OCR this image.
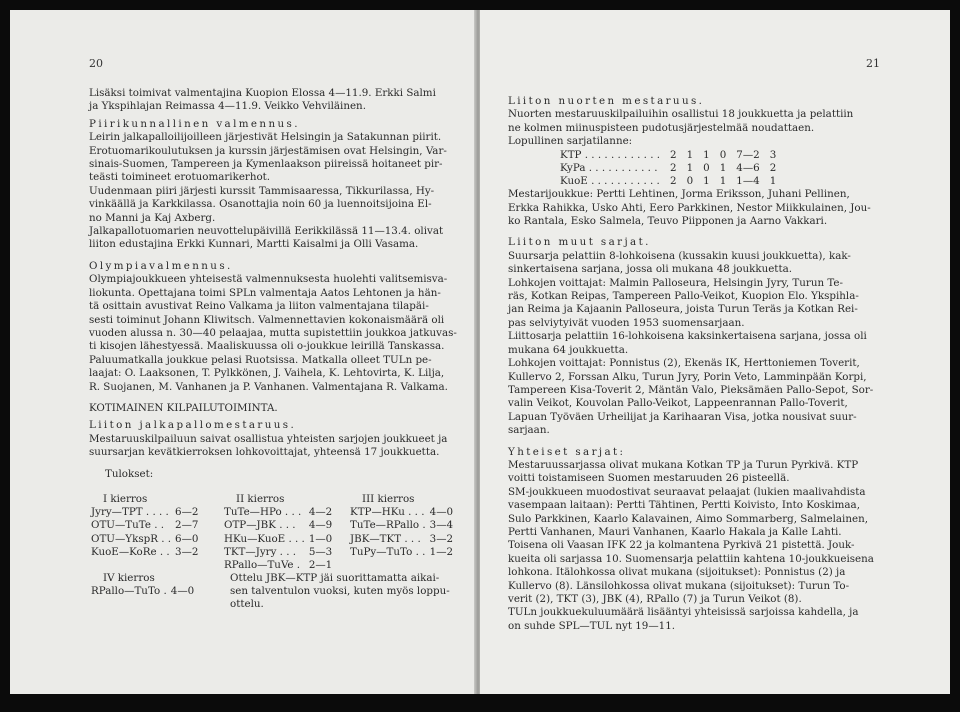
20

Lisäksi toimivat valmentajina Kuopion Elossa 4—11.9. Erkki Salmi

ja Ykspihlajan Reimassa 4—11.9. Veikko Vehviläinen.

Piirikunnallinen valmennus.

Leirin jalkapalloilijoilleen järjestivät Helsingin ja Satakunnan piirit.

Erotuomarikoulutuksen ja kurssin järjestämisen ovat Helsingin, Var-

sinais-Suomen, Tampereen ja Kymenlaakson piireissä hoitaneet pir-

teästi toimineet erotuomarikerhot.

Uudenmaan piiri järjesti kurssit Tammisaaressa, Tikkurilassa, Hy-

vinkäällä ja Karkkilassa. Osanottajia noin 60 ja luennoitsijoina El-

no Manni ja Kaj Axberg.

Jalkapallotuomarien neuvottelupäivillä Eerikkilässä 11—13.4. olivat

liiton edustajina Erkki Kunnari, Martti Kaisalmi ja Olli Vasama.

Olympiavalmennus.

Olympiajoukkueen yhteisestä valmennuksesta huolehti valitsemisva-

liokunta. Opettajana toimi SPLn valmentaja Aatos Lehtonen ja hän-

tä osittain avustivat Reino Valkama ja liiton valmentajana tilapäi-

sesti toiminut Johann Kliwitsch. Valmennettavien kokonaismäärä oli

vuoden alussa n. 30—40 pelaajaa, mutta supistettiin joukkoa jatkuvas-

ti kisojen lähestyessä. Maaliskuussa oli o-joukkue leirillä Tanskassa.

Paluumatkalla joukkue pelasi Ruotsissa. Matkalla olleet TULn pe-

laajat: O. Laaksonen, T. Pylkkönen, J. Vaihela, K. Lehtovirta, K. Lilja,

R. Suojanen, M. Vanhanen ja P. Vanhanen. Valmentajana R. Valkama.

KOTIMAINEN KILPAILUTOIMINTA.

Liiton jalkapallomestaruus.

Mestaruuskilpailuun saivat osallistua yhteisten sarjojen joukkueet ja

suursarjan kevätkierroksen lohkovoittajat, yhteensä 17 joukkuetta.

Tulokset:

I kierros
Jyry—TPT . . . .	6—2
OTU—TuTe . .	2—7
OTU—YkspR . .	6—0
KuoE—KoRe . .	3—2
II kierros
TuTe—HPo . . .	4—2
OTP—JBK . . .	4—9
HKu—KuoE . . .	1—0
TKT—Jyry . . .	5—3
RPallo—TuVe .	2—1
III kierros
KTP—HKu . . .	4—0
TuTe—RPallo .	3—4
JBK—TKT . . .	3—2
TuPy—TuTo . .	1—2
IV kierros
RPallo—TuTo .	4—0
Ottelu JBK—KTP jäi suorittamatta aikai-
sen talventulon vuoksi, kuten myös loppu-
ottelu.
21

Liiton nuorten mestaruus.

Nuorten mestaruuskilpailuihin osallistui 18 joukkuetta ja pelattiin

ne kolmen miinuspisteen pudotusjärjestelmää noudattaen.

Lopullinen sarjatilanne:

KTP . . . . . . . . . . . .	2	1	1	0	7—2	3
KyPa . . . . . . . . . . .	2	1	0	1	4—6	2
KuoE . . . . . . . . . . .	2	0	1	1	1—4	1

Mestarijoukkue: Pertti Lehtinen, Jorma Eriksson, Juhani Pellinen,

Erkka Rahikka, Usko Ahti, Eero Parkkinen, Nestor Miikkulainen, Jou-

ko Rantala, Esko Salmela, Teuvo Piipponen ja Aarno Vakkari.

Liiton muut sarjat.

Suursarja pelattiin 8-lohkoisena (kussakin kuusi joukkuetta), kak-

sinkertaisena sarjana, jossa oli mukana 48 joukkuetta.

Lohkojen voittajat: Malmin Palloseura, Helsingin Jyry, Turun Te-

räs, Kotkan Reipas, Tampereen Pallo-Veikot, Kuopion Elo. Ykspihla-

jan Reima ja Kajaanin Palloseura, joista Turun Teräs ja Kotkan Rei-

pas selviytyivät vuoden 1953 suomensarjaan.

Liittosarja pelattiin 16-lohkoisena kaksinkertaisena sarjana, jossa oli

mukana 64 joukkuetta.

Lohkojen voittajat: Ponnistus (2), Ekenäs IK, Herttoniemen Toverit,

Kullervo 2, Forssan Alku, Turun Jyry, Porin Veto, Lamminpään Korpi,

Tampereen Kisa-Toverit 2, Mäntän Valo, Pieksämäen Pallo-Sepot, Sor-

valin Veikot, Kouvolan Pallo-Veikot, Lappeenrannan Pallo-Toverit,

Lapuan Työväen Urheilijat ja Karihaaran Visa, jotka nousivat suur-

sarjaan.

Yhteiset sarjat:

Mestaruussarjassa olivat mukana Kotkan TP ja Turun Pyrkivä. KTP

voitti toistamiseen Suomen mestaruuden 26 pisteellä.

SM-joukkueen muodostivat seuraavat pelaajat (lukien maalivahdista

vasempaan laitaan): Pertti Tähtinen, Pertti Koivisto, Into Koskimaa,

Sulo Parkkinen, Kaarlo Kalavainen, Aimo Sommarberg, Salmelainen,

Pertti Vanhanen, Mauri Vanhanen, Kaarlo Hakala ja Kalle Lahti.

Toisena oli Vaasan IFK 22 ja kolmantena Pyrkivä 21 pistettä. Jouk-

kueita oli sarjassa 10. Suomensarja pelattiin kahtena 10-joukkueisena

lohkona. Itälohkossa olivat mukana (sijoitukset): Ponnistus (2) ja

Kullervo (8). Länsilohkossa olivat mukana (sijoitukset): Turun To-

verit (2), TKT (3), JBK (4), RPallo (7) ja Turun Veikot (8).

TULn joukkuekuluumäärä lisääntyi yhteisissä sarjoissa kahdella, ja

on suhde SPL—TUL nyt 19—11.
